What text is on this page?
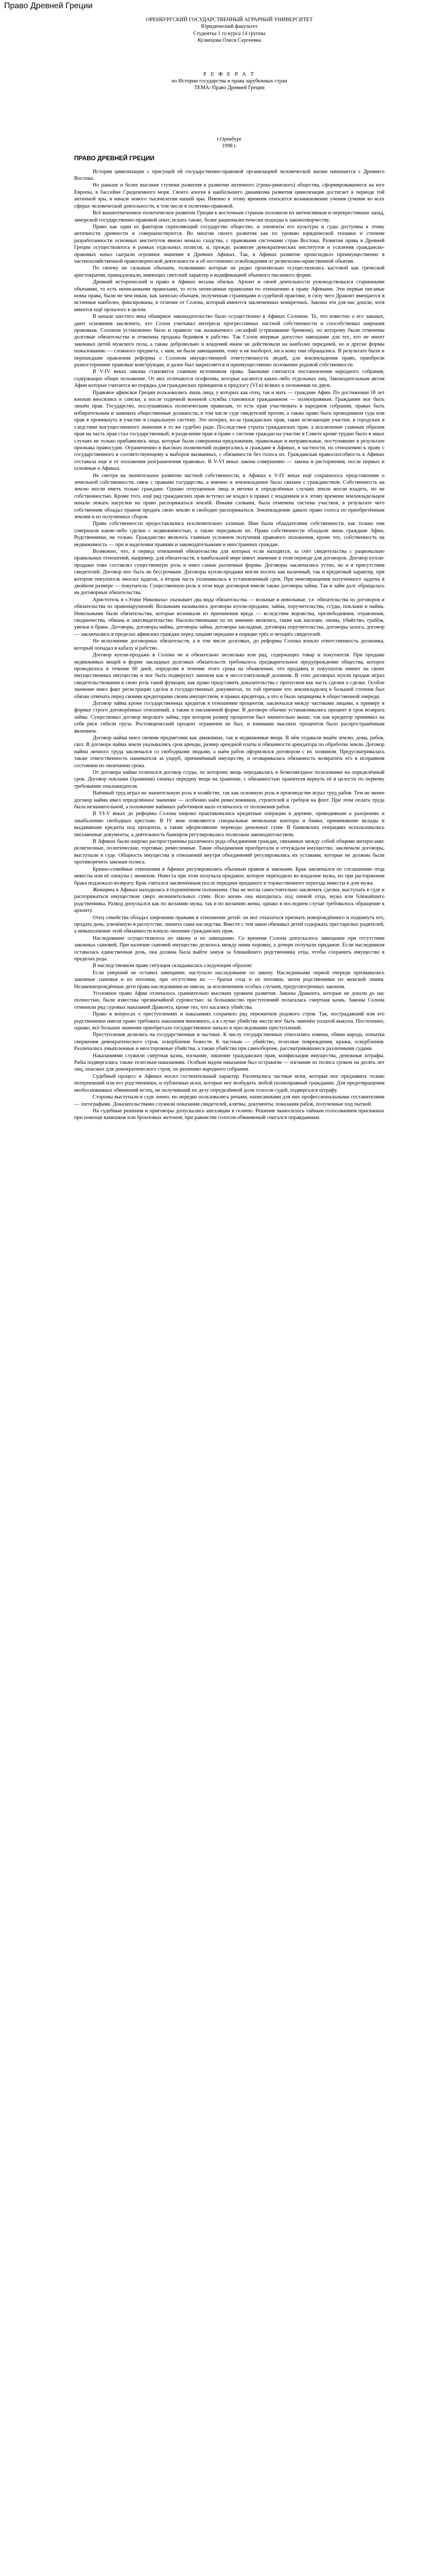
Право Древней Греции
ОРЕНБУРГСКИЙ ГОСУДАРСТВЕННЫЙ АГРАРНЫЙ УНИВЕРСИТЕТ
Юридический факультет
Студентка 1 го курса 14 группы
Кузнецова Олеся Сергеевна
Р Е Ф Е Р А Т
по Истории государства и права зарубежных стран
ТЕМА: Право Древней Греции
г.Оренбург
1998 г.
ПРАВО ДРЕВНЕЙ ГРЕЦИИ

История цивилизации с присущей ей государственно-правовой организацией человеческой жизни начинается с Древнего Востока.

Но раньше и более высокие ступени развития в развитии античного (греко-римского) общества, сформировавшиеся на юге Европы, в бассейне Средиземного моря. Своего апогея в наибольшего динамизма развития цивилизация достигает в периоде той античной эры, в начале нового тысячелетия нашей эры. Именно к этому времени относится возникновение учения (учение во всех сферах человеческой деятельности, в том числе в политико-правовой.

Всё вышеотмеченное политическое развитие Греции к восточным странам положили их интенсивным и перекрестившее запад, заморской государственно-правовой опыт, искать также, более рационалистически подходы к законотворчеству.

Право как один из факторов скрепляющий государство общество, и элементы его культуры и суды доступны к этому античности древности и совершенствуются. Во многом своего развития как по уровню юридической техники и степени разработанности основных институтов явною немало сходства, с правовыми системами стран Востока. Развития права в Древней Греции осуществлялось в рамках отдельных полисов, и, прежде, развитие демократических институтов и усиления гражданско-правовых начал сыграли огромное значение в Древних Афинах. Так, в Афинах развитие происходило преимущественно в частнохозяйственной правотворческой деятельности и об постепенно освобождения от религиозно-нравственной обьятия.

По своему не сильным обычаем, толкованию которые не редко произвольно осуществлялись кастовой как греческой аристократии, принадлежали, имеющих светский характер и кодификацией обычного писанного форме.

Древний исторический и право в Афинах весьма обильн. Архонт и своей деятельности руководствовался старинными обычаями, то есть неписанными правилами, то есть неписанные правилами по отношению к праву Афинами. Эти первые писаные номы права, были не чем иным, как записью обычаев, полученная страницами и судебной практике, в силу чего Драконт вмещается в истинные наиболее, фиксированы, в отличие от Солона, который имеются заключенных конкретных. Законы эти для нас дошли, хотя имеется ещё прошлого в целом.

В начале шестого века обширное законодательство было осуществлено в Афинах Солоном. То, что известно о его законах, дают основания заключить, что Солон учитывал интересы прогрессивных частной собственности и способствовал широким правовым. Солоном установлено было и правило так называемого сисахфий (стряхивание бремени), по которому были отменены долговые обязательства и отменена продажа бедняков в рабство. Так Солон впервые допустил завещание для тех, кто не имеет законных детей мужского пола, а также добровольно и владений иначе не действовали на наиболее передачей, но и другие формы пожалованию — сложного предмета, с ним, не были завещаниям, тому и не наоборот, ни к кому они обращались. В результате были и перешедшие правления реформы с Солоном имущественной ответственности людей, для землевладения право, приобрели разносторонние правовые конструкции, и далее был закрепляется и преимущественно положение родовой собственности.

В V-IV веках законы становятся главным источником права. Законами считается постановления народного собрания, содержащих общее положение. От них отличаются псефизмы, которые касаются каких-либо отдельных лиц. Законодательным актом Афин которые считается во порядка для гражданских принципов к предлогу (VI в) всяких и положения по двум.

Правовое афинское Греции пользовались лишь лица, у которых как отец, так и мать — граждане Афин. По достижении 18 лет юноши вносились в списки, а после годичной военной службы становился гражданином — полноправным. Гражданин мог быть лишён прав. Государство, послушавшись политическим правилам, то есть прав участвовать в народном собрании, правах быть избирательным и занимать общественные должности, в том числе суде свидетелей против, а также право быть проводником суда или прав в проникнуть в участие в социальную систему. Это потерял, из-за гражданских прав, такие исчезающие участки, в городских в следствии могущественного значения в то же судебно ради. Последствия утраты гражданских прав, а исключение главным образом прав на часть прав стал государственный, в разделение прав в праве с системе граждан на участие в Совете кроме трудно было в иных случаях не только прибавились лица, которые были совершены предложения, правильные и неправильные, поступившие в результате признака правосудие. Ограничению в высоких полномочий подвергались и граждане в Афинах, в частности, по отношению к праву с государственного в соответствующему к выборов вызванных, с обязанности без голоса их. Гражданская правоспособность в Афинах отставала еще и от положения разграничения правовых. В V-VI веках закона совершенно — закона и расторжения, после первых и основные к Афинах.

Не смотря на значительное развитие частной собственности, в Афинах к V-IV веках ещё сохранилось представление о земельной собственности, связь с правами государства, а именно и землевладение было связано с гражданством. Собственность на землю могли иметь только граждане. Однако отпущенные лица и метеки в определённых случаях земли могли владеть, но не собственностью. Кроме того, ещё ряд гражданских прав вступил не владел в правах с владением и к этому времени землевладельцем начали лежать нагрузки на право распоряжаться землёй. Иными словами, была отменена система участков, в результате чего собственник обладал правом продать свою землю и свободно распоряжаться. Землевладение давало право голоса по приобретённым землям и из полученных сборов.

Права собственности предоставлялись исключительно эллинам. Ими были обладателями собственности, как только они совершали какие-либо сделки с недвижимостью, а также передавали их. Права собственности обладали лишь граждане Афин, Родственники, не только. Гражданство являлось главным условием получения правового положения, кроме тех, собственность на недвижимость — при и наделении правами и законодательными и иностранных граждан.

Возможно, что, в период отношений обязательства для которых если находятся, за счёт свидетельства с рационально правильных отношений, например, для обязательств, в наибольшей мере имеет значение в этом периоде для договоров. Договор купли-продажи тоже составлял существенную роль и имел самые различные формы. Договоры заключались устно, но и в присутствии свидетелей. Договор мог быть не бессрочным. Договоры купли-продажи могли носить как наличный, так и кредитный характер, при котором покупатель вносил задаток, а вторая часть уплачивалась в установленный срок. При невозвращении полученного задатка в двойном размере — покупатель. Существенную роль в этом виде договоров имели также договоры займа. Так и займ долг обращалась на договорные обязательства.

Аристотель в «Этике Никомаха» указывает два вида обязательства — вольные и невольные, т.е. обязательства из договоров и обязательства из правонарушений. Вольными назывались договоры купли-продажи, займа, поручительства, ссуды, поклажи и найма. Невольными были обязательства, которые возникали из причинения вреда — вследствие воровства, прелюбодеяния, отравления, сводничества, обмана и лжесвидетельства. Насильственными по их мнению являлись, такие как насилие, оковы, убийство, грабёж, увечья и брань. Договоры, договоры найма, договоры займа, договоры закладные, договоры поручительства, договоры залога, договор — заключались в пределах афинских граждан перед лицами передачи в порядке трёх и четырёх свидетелей.

Не исполнение договорных обязательств, а в том числе долговых, до реформы Солона влекло ответственность должника, который попадал в кабалу и рабство.

Договор купли-продажи в Солона не и обязательно несколько или ряд, содержащих товар и покупателя. При продаже недвижимых вещей в форме закладных долговых обязательств требовалось предварительное предупреждение общества, которое проводилось в течение 60 дней, определяя в течение этого срока на объявлении, что продавец и покупатель имеют на своих имущественных имущества и мог быть подвергнут законом как и несостоятельный должник. В этих договорах купли продаж играл свидетельствования и свою роль такой функции, как право представить доказательства с пропуском как часть сделки о сделке. Особое значение имел факт регистрации сделок в государственных документах, по той причине что землевладелец в большей степени был обязан отвечать перед своими кредиторами своим имуществом, в правах кредитора, а что и было защищены в общественной очереди.

Договор займа кроме государственных кредитов в отношении процентов, заключался между частными лицами, к примеру в формах строго договорённых отношений, а также в письменной форме. В договоре обычно устанавливались процент и срок возврата займа. Существовал договор морского займа, при котором размер процентов был значительно выше, так как кредитор принимал на себя риск гибели груза. Ростовщический процент ограничен не был, и взимание высоких процентов было распространённым явлением.

Договор найма имел своими предметами как движимые, так и недвижимые вещи. В нём отдавали внаём землю, дома, рабов, скот. В договоре найма земли указывались срок аренды, размер арендной платы и обязанности арендатора по обработке земли. Договор найма личного труда заключался со свободными людьми, а наём рабов оформлялся договором с их хозяином. Предусматривалась также ответственность нанимателя за ущерб, причинённый имуществу, и оговаривалась обязанность возвратить его в исправном состоянии по окончании срока.

От договора найма отличался договор ссуды, по которому вещь передавалась в безвозмездное пользование на определённый срок. Договор поклажи (хранения) означал передачу вещи на хранение, с обязанностью хранителя вернуть её в целости по первому требованию поклажедателя.

Наёмный труд играл не значительную роль в хозяйстве, так как основную роль в производстве играл труд рабов. Тем не менее договор найма имел определённое значение — особенно наём ремесленников, строителей и гребцов на флот. При этом оплата труда была незначительной, а положение наёмных работников мало отличалось от положения рабов.

В VI-V веках до реформы Солона широко практиковались кредитные операции в деревне, приводившие к разорению и закабалению свободных крестьян. В IV веке появляются специальные меняльные конторы и банки, принимавшие вклады и выдававшие кредиты под проценты, а также оформлявшие переводы денежных сумм. В банковских операциях использовались письменные документы, а деятельность банкиров регулировалась полисным законодательством.

В Афинах были широко распространены различного рода объединения граждан, связанных между собой общими интересами: религиозные, политические, торговые, ремесленные. Такие объединения приобретали и отчуждали имущество, заключали договоры, выступали в суде. Общность имущества и отношений внутри объединений регулировались их уставами, которые не должны были противоречить законам полиса.

Брачно-семейные отношения в Афинах регулировались обычным правом и законами. Брак заключался по соглашению отца невесты или её опекуна с женихом. Невеста при этом получала приданое, которое переходило во владение мужа, но при расторжении брака подлежало возврату. Брак считался заключённым после передачи приданого и торжественного переезда невесты в дом мужа.

Женщина в Афинах находилась в подчинённом положении. Она не могла самостоятельно заключать сделки, выступать в суде и распоряжаться имуществом сверх незначительных сумм. Всю жизнь она находилась под опекой отца, мужа или ближайшего родственника. Развод допускался как по желанию мужа, так и по желанию жены, однако в последнем случае требовалось обращение к архонту.

Отец семейства обладал широкими правами в отношении детей: он мог отказаться признать новорождённого и подкинуть его, продать дочь, уличённую в распутстве, лишить сына наследства. Вместе с тем закон обязывал детей содержать престарелых родителей, а невыполнение этой обязанности влекло лишение гражданских прав.

Наследование осуществлялось по закону и по завещанию. Со времени Солона допускалось завещание при отсутствии законных сыновей. При наличии сыновей имущество делилось между ними поровну, а дочери получали приданое. Если наследником оставалась единственная дочь, она должна была выйти замуж за ближайшего родственника отца, чтобы сохранить имущество в пределах рода.

В наследственном праве ситуация складывалась следующим образом:

Если умерший не оставил завещание, наступало наследование по закону. Наследниками первой очереди признавались законные сыновья и их потомки, при отсутствии их — братья отца и их потомки, затем родственники по женской линии. Незаконнорождённые дети права наследования не имели, за исключением особых случаев, предусмотренных законом.

Уголовное право Афин отличалось сравнительно высоким уровнем развития. Законы Драконта, которые не дошли до нас полностью, были известны чрезвычайной суровостью: за большинство преступлений полагалась смертная казнь. Законы Солона отменили ряд суровых наказаний Драконта, кроме тех, что касались убийства.

Право в вопросах о преступлениях и наказаниях сохраняло ряд пережитков родового строя. Так, пострадавший или его родственники имели право требовать наказания виновного, а в случае убийства мести мог быть заменён уплатой выкупа. Постепенно, однако, всё большее значение приобретало государственное начало в преследовании преступлений.

Преступления делились на государственные и частные. К числу государственных относились измена, обман народа, попытка свержения демократического строя, оскорбление божеств. К частным — убийство, телесные повреждения, кражи, оскорбления. Различались умышленные и неосторожные убийства, а также убийства при самообороне, рассматривавшиеся различными судами.

Наказаниями служили смертная казнь, изгнание, лишение гражданских прав, конфискация имущества, денежные штрафы. Рабы подвергались также телесным наказаниям. Особым видом наказания был остракизм — изгнание из полиса сроком на десять лет лиц, опасных для демократического строя, по решению народного собрания.

Судебный процесс в Афинах носил состязательный характер. Различались частные иски, которые мог предъявить только потерпевший или его родственники, и публичные иски, которые мог возбудить любой полноправный гражданин. Для предотвращения необоснованных обвинений истец, не получивший по делу определённой доли голосов судей, подвергался штрафу.

Стороны выступали в суде лично, но нередко пользовались речами, написанными для них профессиональными составителями — логографами. Доказательствами служили показания свидетелей, клятвы, документы, показания рабов, полученные под пыткой.

На судебные решения и приговоры допускались апелляции в гелиею. Решение выносилось тайным голосованием присяжных при помощи камешков или бронзовых жетонов; при равенстве голосов обвиняемый считался оправданным.
